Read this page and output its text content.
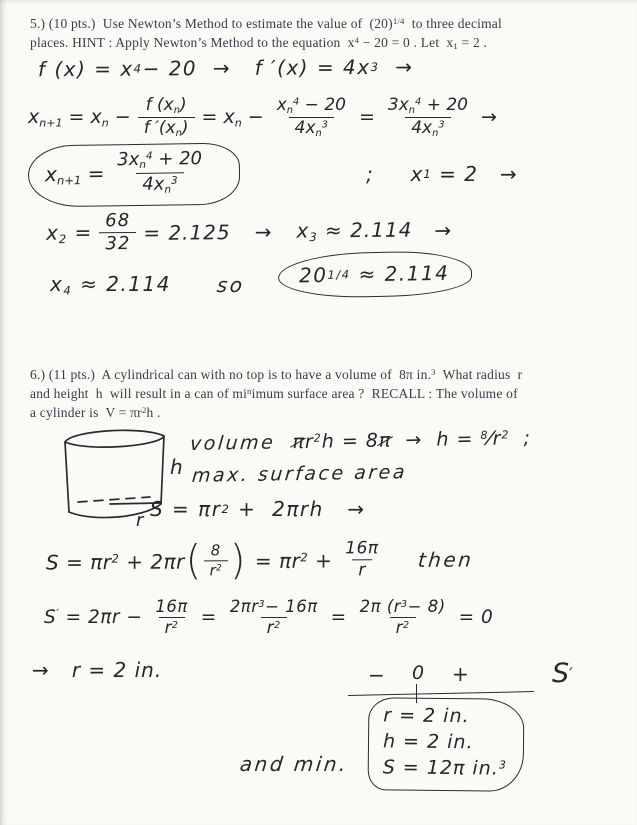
5.) (10 pts.)  Use Newton’s Method to estimate the value of  $(20)^{1/4}$  to three decimal
places. HINT : Apply Newton’s Method to the equation  $x^4 - 20 = 0$ . Let  $x_1 = 2$ .
f (x) = x 4 − 20  →   f ′(x) = 4x 3 →
$x_{n+1} = x_n - \frac{f (x_n)}{f '(x_n)} = x_n - \frac{x_n^4 - 20}{4x_n^3} = \frac{3x_n^4 + 20}{4x_n^3}$ →
$x_{n+1} = \frac{3x_n^4 + 20}{4x_n^3}$	;     x 1 = 2   →
$x_2 = \frac{68}{32} = 2.125 \to x_3 \approx 2.114$ →
$x_4 \approx 2.114$ so	20 1/4 ≈ 2.114
6.) (11 pts.)  A cylindrical can with no top is to have a volume of  8π in.$^3$  What radius  r
and height  h  will result in a can of $mi^nimum$ surface area ?  RECALL : The volume of
a cylinder is  $V = \pi r^2h$ .
h
r
volume
π $r^2h = 8$ $\pi \to h = ^8⁄r^2$  ;
max. surface area
S = πr 2 +  2πrh   →
$S = \pi r^2 + 2\pi r$ ( $\frac{8}{r^2}$ ) = $\pi r^2 + \frac{16\pi}{r}$ then
$S' = 2\pi r - \frac{16\pi}{r^2} = \frac{2\pi r^3- 16\pi}{r^2} = \frac{2\pi (r^3- 8)}{r^2} = 0$
→   r = 2 in.	− 0 +	S ′
r = 2 in.
h = 2 in.
S = 12π in.$^3$
and min.
